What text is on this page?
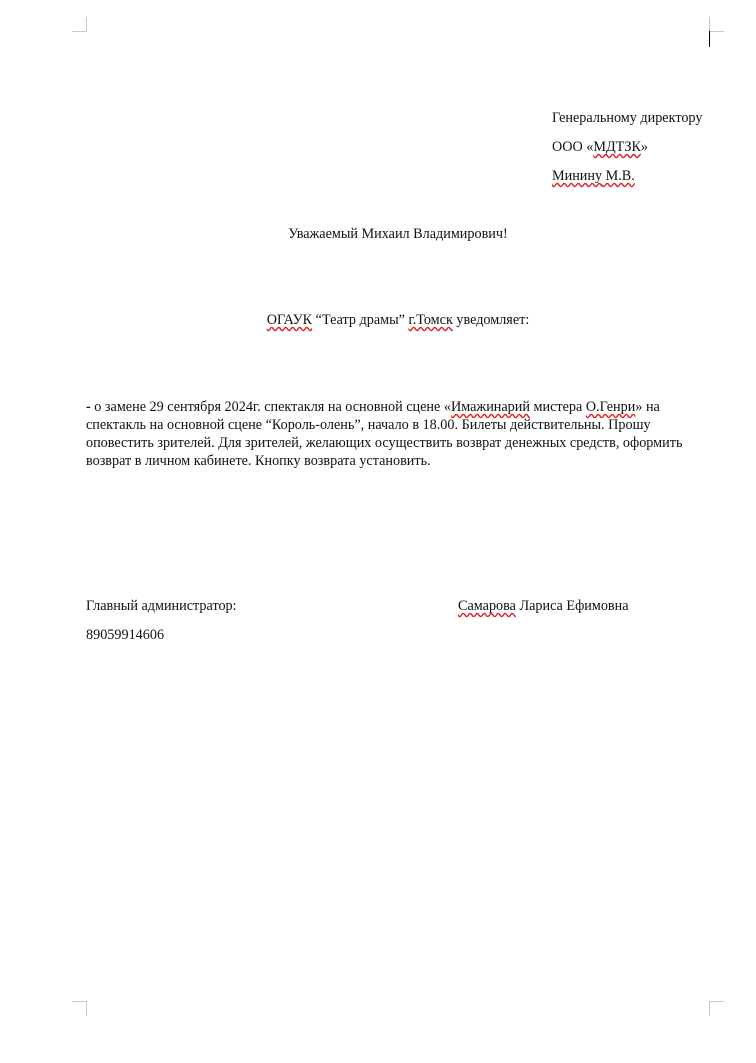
Генеральному директору
ООО «МДТЗК»
Минину М.В.
Уважаемый Михаил Владимирович!
ОГАУК “Театр драмы” г.Томск уведомляет:
- о замене 29 сентября 2024г. спектакля на основной сцене «Имажинарий мистера О.Генри» на
спектакль на основной сцене “Король-олень”, начало в 18.00. Билеты действительны. Прошу
оповестить зрителей. Для зрителей, желающих осуществить возврат денежных средств, оформить
возврат в личном кабинете. Кнопку возврата установить.
Главный администратор:	Самарова Лариса Ефимовна
89059914606
